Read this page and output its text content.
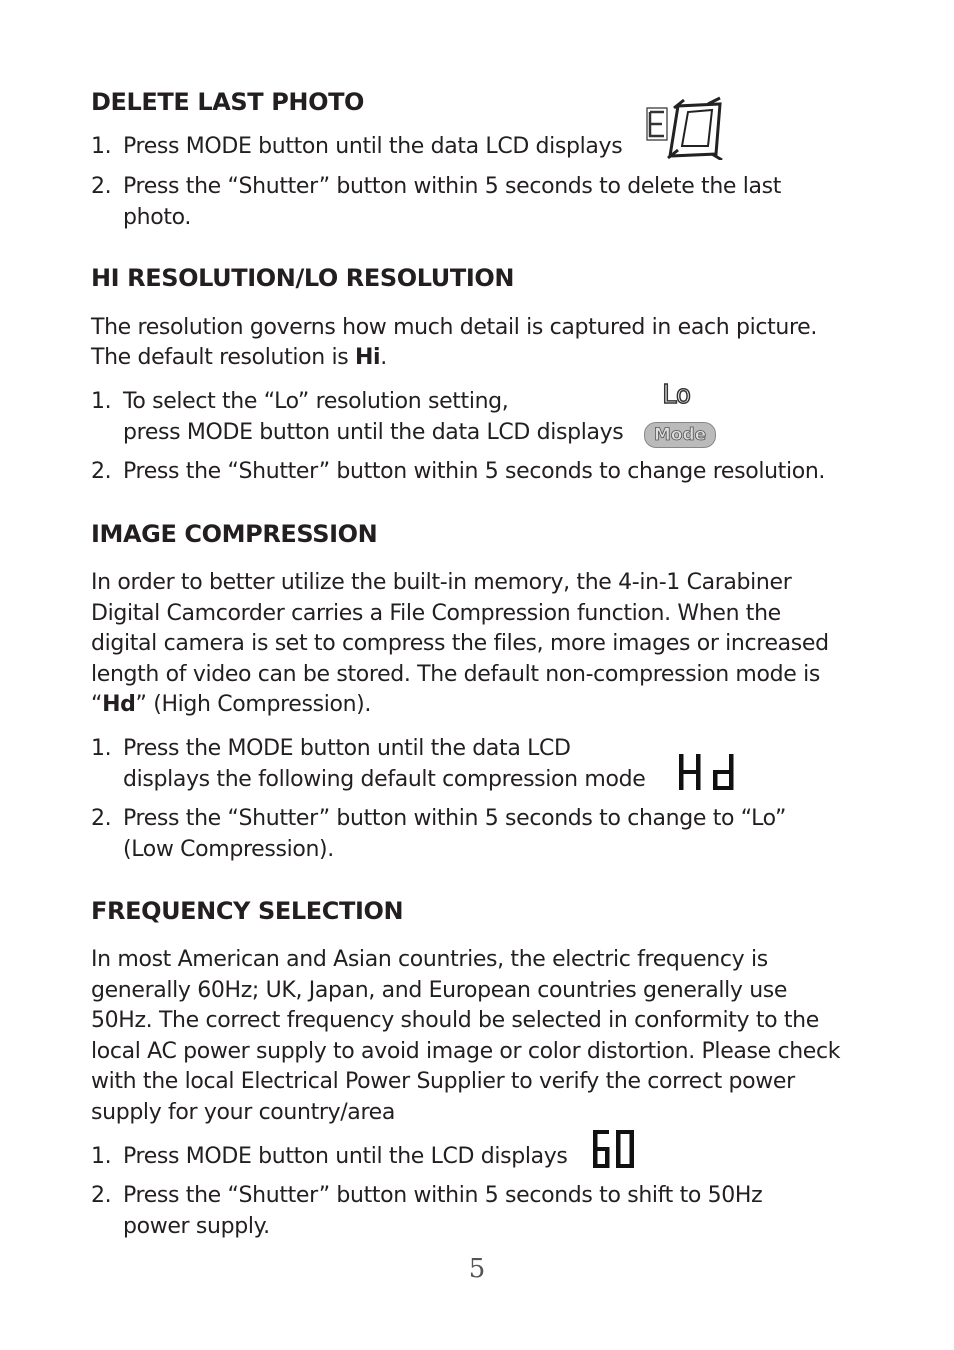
DELETE LAST PHOTO
1. Press MODE button until the data LCD displays
2. Press the “Shutter” button within 5 seconds to delete the last
photo.
HI RESOLUTION/LO RESOLUTION

The resolution governs how much detail is captured in each picture.

The default resolution is Hi.

1. To select the “Lo” resolution setting,
press MODE button until the data LCD displays
Lo
Mode
2. Press the “Shutter” button within 5 seconds to change resolution.
IMAGE COMPRESSION

In order to better utilize the built-in memory, the 4-in-1 Carabiner

Digital Camcorder carries a File Compression function. When the

digital camera is set to compress the files, more images or increased

length of video can be stored. The default non-compression mode is

“Hd” (High Compression).

1. Press the MODE button until the data LCD
displays the following default compression mode
2. Press the “Shutter” button within 5 seconds to change to “Lo”
(Low Compression).
FREQUENCY SELECTION

In most American and Asian countries, the electric frequency is

generally 60Hz; UK, Japan, and European countries generally use

50Hz. The correct frequency should be selected in conformity to the

local AC power supply to avoid image or color distortion. Please check

with the local Electrical Power Supplier to verify the correct power

supply for your country/area

1. Press MODE button until the LCD displays
2. Press the “Shutter” button within 5 seconds to shift to 50Hz
power supply.
5
